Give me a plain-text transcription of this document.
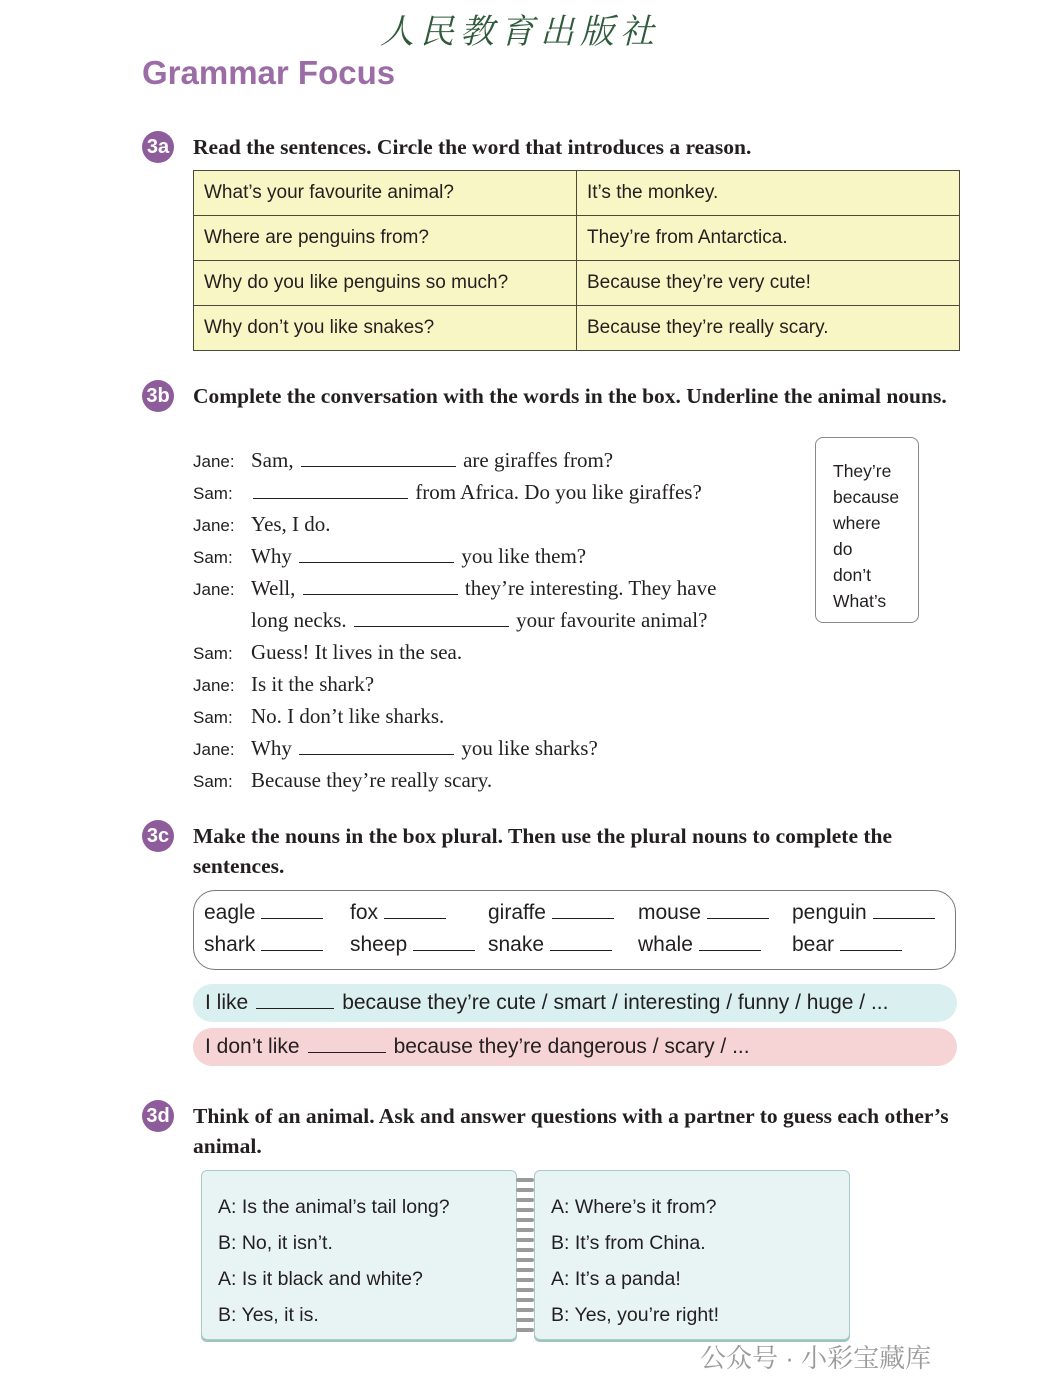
人民教育出版社
Grammar Focus
3a Read the sentences. Circle the word that introduces a reason.
What’s your favourite animal?	It’s the monkey.
Where are penguins from?	They’re from Antarctica.
Why do you like penguins so much?	Because they’re very cute!
Why don’t you like snakes?	Because they’re really scary.
3b Complete the conversation with the words in the box. Underline the animal nouns.
Jane: Sam,	are giraffes from?
Sam:	from Africa. Do you like giraffes?
Jane: Yes, I do.
Sam: Why	you like them?
Jane: Well,	they’re interesting. They have
long necks.	your favourite animal?
Sam: Guess! It lives in the sea.
Jane: Is it the shark?
Sam: No. I don’t like sharks.
Jane: Why	you like sharks?
Sam: Because they’re really scary.
They’re
because
where
do
don’t
What’s
3c Make the nouns in the box plural. Then use the plural nouns to complete the sentences.
eagle	fox	giraffe	mouse	penguin
shark	sheep	snake	whale	bear
I like	because they’re cute / smart / interesting / funny / huge / ...
I don’t like	because they’re dangerous / scary / ...
3d Think of an animal. Ask and answer questions with a partner to guess each other’s animal.
A: Is the animal’s tail long?
B: No, it isn’t.
A: Is it black and white?
B: Yes, it is.
A: Where’s it from?
B: It’s from China.
A: It’s a panda!
B: Yes, you’re right!
公众号 · 小彩宝藏库
